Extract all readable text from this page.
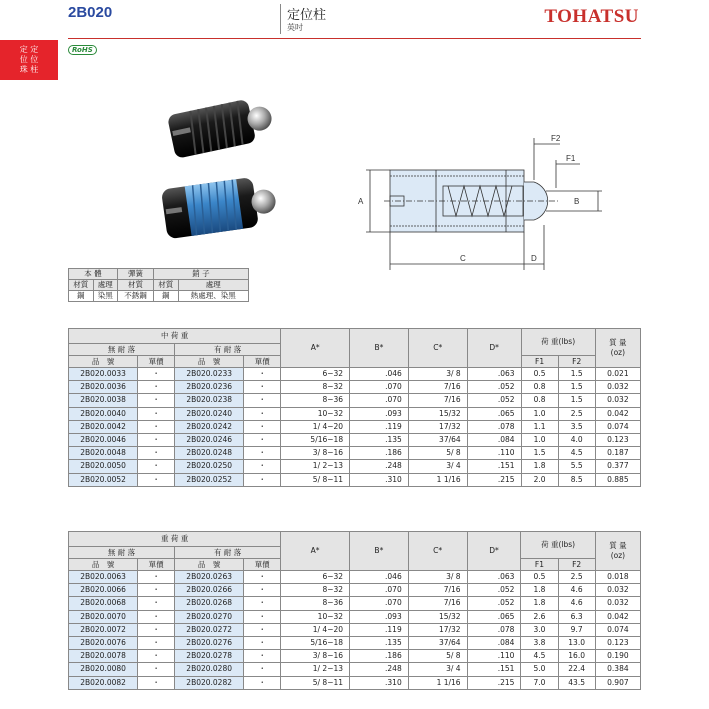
2B020	定位柱
英吋
TOHATSU
定 定
位 位
珠 柱
RoHS
A
C	D
B
F2
F1
本 體		彈簧	銷 子	
材質	處理	材質	材質	處理
鋼	染黑	不銹鋼	鋼	熱處理、染黑
中 荷 重				A*	B*	C*	D*	荷 重(lbs)		質 量
(oz)
無 耐 落		有 耐 落								
品　號	單價	品　號	單價					F1	F2	
2B020.0033	・	2B020.0233	・	6−32	.046	3/ 8	.063	0.5	1.5	0.021
2B020.0036	・	2B020.0236	・	8−32	.070	7/16	.052	0.8	1.5	0.032
2B020.0038	・	2B020.0238	・	8−36	.070	7/16	.052	0.8	1.5	0.032
2B020.0040	・	2B020.0240	・	10−32	.093	15/32	.065	1.0	2.5	0.042
2B020.0042	・	2B020.0242	・	1/ 4−20	.119	17/32	.078	1.1	3.5	0.074
2B020.0046	・	2B020.0246	・	5/16−18	.135	37/64	.084	1.0	4.0	0.123
2B020.0048	・	2B020.0248	・	3/ 8−16	.186	5/ 8	.110	1.5	4.5	0.187
2B020.0050	・	2B020.0250	・	1/ 2−13	.248	3/ 4	.151	1.8	5.5	0.377
2B020.0052	・	2B020.0252	・	5/ 8−11	.310	1 1/16	.215	2.0	8.5	0.885
重 荷 重				A*	B*	C*	D*	荷 重(lbs)		質 量
(oz)
無 耐 落		有 耐 落								
品　號	單價	品　號	單價					F1	F2	
2B020.0063	・	2B020.0263	・	6−32	.046	3/ 8	.063	0.5	2.5	0.018
2B020.0066	・	2B020.0266	・	8−32	.070	7/16	.052	1.8	4.6	0.032
2B020.0068	・	2B020.0268	・	8−36	.070	7/16	.052	1.8	4.6	0.032
2B020.0070	・	2B020.0270	・	10−32	.093	15/32	.065	2.6	6.3	0.042
2B020.0072	・	2B020.0272	・	1/ 4−20	.119	17/32	.078	3.0	9.7	0.074
2B020.0076	・	2B020.0276	・	5/16−18	.135	37/64	.084	3.8	13.0	0.123
2B020.0078	・	2B020.0278	・	3/ 8−16	.186	5/ 8	.110	4.5	16.0	0.190
2B020.0080	・	2B020.0280	・	1/ 2−13	.248	3/ 4	.151	5.0	22.4	0.384
2B020.0082	・	2B020.0282	・	5/ 8−11	.310	1 1/16	.215	7.0	43.5	0.907
